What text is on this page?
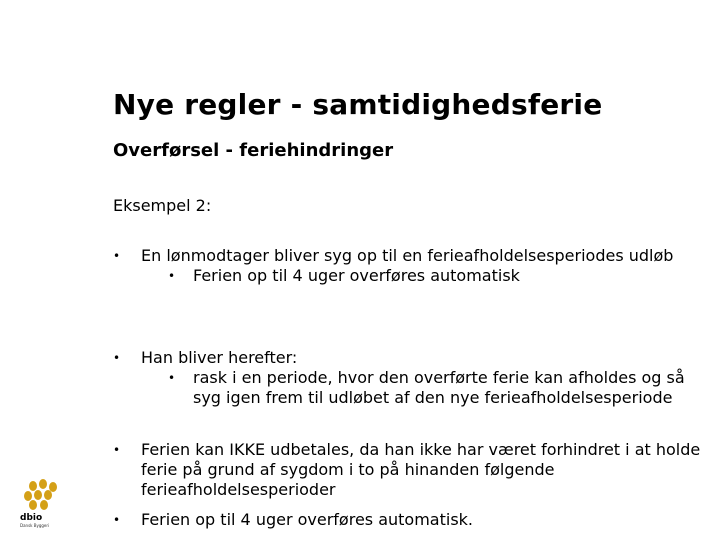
Nye regler - samtidighedsferie
Overførsel - feriehindringer
Eksempel 2:
•	En lønmodtager bliver syg op til en ferieafholdelsesperiodes udløb
• Ferien op til 4 uger overføres automatisk
•	Han bliver herefter:
• rask i en periode, hvor den overførte ferie kan afholdes og så syg igen frem til udløbet af den nye ferieafholdelsesperiode
•	Ferien kan IKKE udbetales, da han ikke har været forhindret i at holde ferie på grund af sygdom i to på hinanden følgende ferieafholdelsesperioder
•	Ferien op til 4 uger overføres automatisk.
dbio
Dansk Byggeri
